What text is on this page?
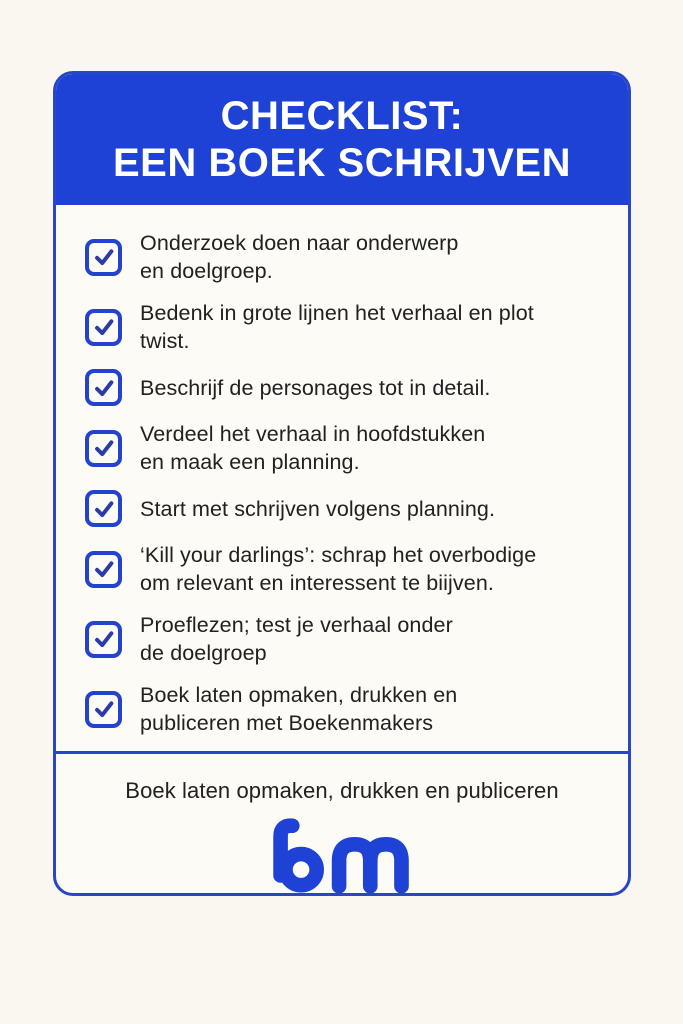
CHECKLIST:
EEN BOEK SCHRIJVEN
Onderzoek doen naar onderwerp
en doelgroep.
Bedenk in grote lijnen het verhaal en plot
twist.
Beschrijf de personages tot in detail.
Verdeel het verhaal in hoofdstukken
en maak een planning.
Start met schrijven volgens planning.
‘Kill your darlings’: schrap het overbodige
om relevant en interessent te biijven.
Proeflezen; test je verhaal onder
de doelgroep
Boek laten opmaken, drukken en
publiceren met Boekenmakers
Boek laten opmaken, drukken en publiceren
